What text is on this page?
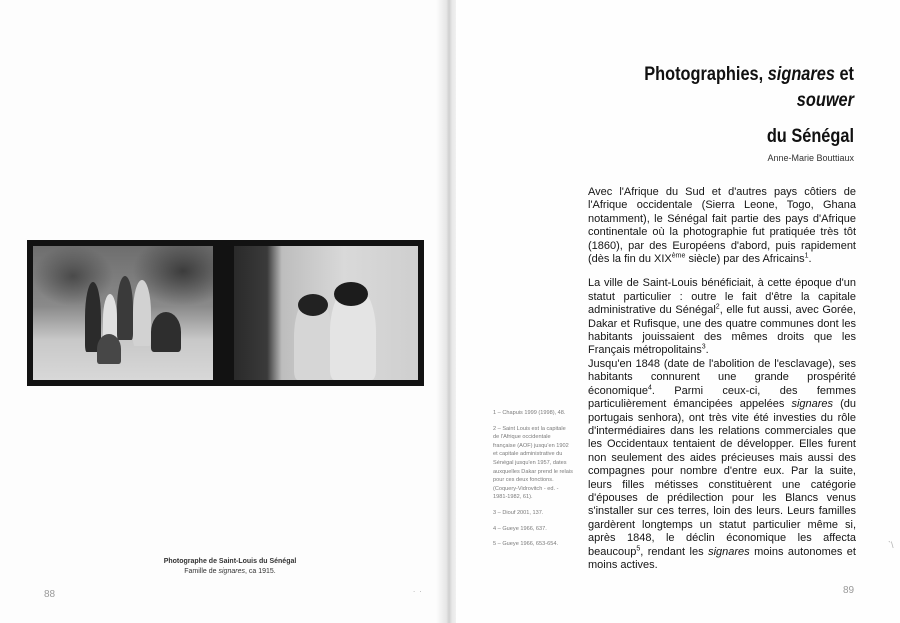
Photographe de Saint-Louis du Sénégal
Famille de signares, ca 1915.
88	. .
Photographies, signares et souwer
du Sénégal
Anne-Marie Bouttiaux

Avec l'Afrique du Sud et d'autres pays côtiers de l'Afrique occidentale (Sierra Leone, Togo, Ghana notamment), le Sénégal fait partie des pays d'Afrique continentale où la photographie fut pratiquée très tôt (1860), par des Européens d'abord, puis rapidement (dès la fin du XIXème siècle) par des Africains$^1$.

La ville de Saint-Louis bénéficiait, à cette époque d'un statut particulier : outre le fait d'être la capitale administrative du Sénégal$^2$, elle fut aussi, avec Gorée, Dakar et Rufisque, une des quatre communes dont les habitants jouissaient des mêmes droits que les Français métropolitains$^3$.

Jusqu'en 1848 (date de l'abolition de l'esclavage), ses habitants connurent une grande prospérité économique$^4$. Parmi ceux-ci, des femmes particulièrement émancipées appelées signares (du portugais senhora), ont très vite été investies du rôle d'intermédiaires dans les relations commerciales que les Occidentaux tentaient de développer. Elles furent non seulement des aides précieuses mais aussi des compagnes pour nombre d'entre eux. Par la suite, leurs filles métisses constituèrent une catégorie d'épouses de prédilection pour les Blancs venus s'installer sur ces terres, loin des leurs. Leurs familles gardèrent longtemps un statut particulier même si, après 1848, le déclin économique les affecta beaucoup$^5$, rendant les signares moins autonomes et moins actives.

1 – Chapuis 1999 (1998), 48.

2 – Saint Louis est la capitale de l'Afrique occidentale française (AOF) jusqu'en 1902 et capitale administrative du Sénégal jusqu'en 1957, dates auxquelles Dakar prend le relais pour ces deux fonctions. (Coquery-Vidrovitch - ed. - 1981-1982, 61).

3 – Diouf 2001, 137.

4 – Gueye 1966, 637.

5 – Gueye 1966, 653-654.

89
`\
